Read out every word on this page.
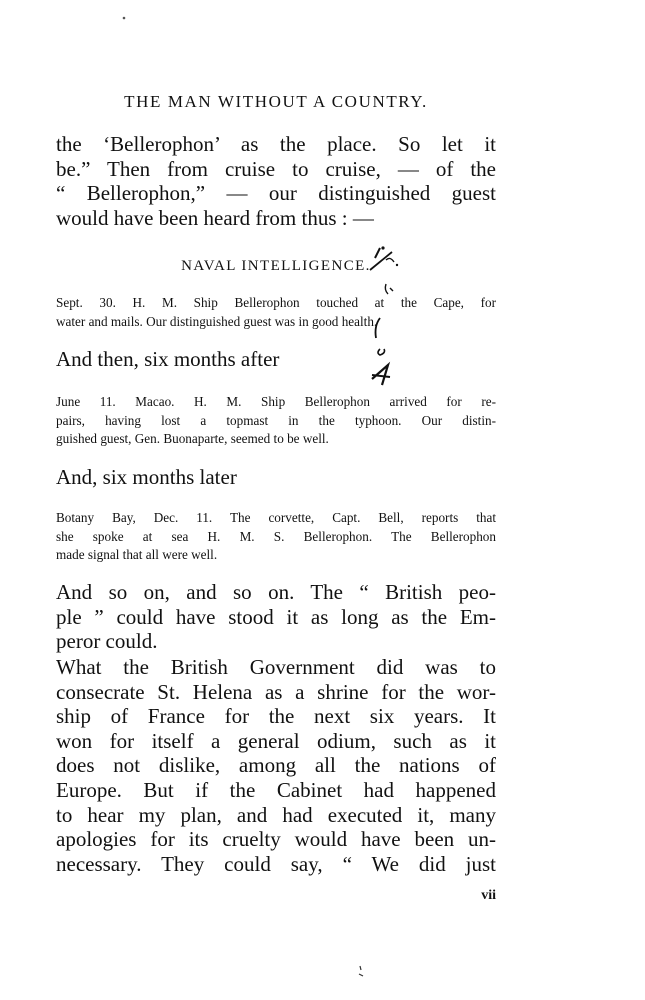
THE MAN WITHOUT A COUNTRY.
the ‘Bellerophon’ as the place. So let it
be.” Then from cruise to cruise, — of the
“ Bellerophon,” — our distinguished guest
would have been heard from thus : —
NAVAL INTELLIGENCE.
Sept. 30. H. M. Ship Bellerophon touched at the Cape, for
water and mails. Our distinguished guest was in good health.
And then, six months after
June 11. Macao. H. M. Ship Bellerophon arrived for re-
pairs, having lost a topmast in the typhoon. Our distin-
guished guest, Gen. Buonaparte, seemed to be well.
And, six months later
Botany Bay, Dec. 11. The corvette, Capt. Bell, reports that
she spoke at sea H. M. S. Bellerophon. The Bellerophon
made signal that all were well.
And so on, and so on. The “ British peo-
ple ” could have stood it as long as the Em-
peror could.
What the British Government did was to
consecrate St. Helena as a shrine for the wor-
ship of France for the next six years. It
won for itself a general odium, such as it
does not dislike, among all the nations of
Europe. But if the Cabinet had happened
to hear my plan, and had executed it, many
apologies for its cruelty would have been un-
necessary. They could say, “ We did just
vii
